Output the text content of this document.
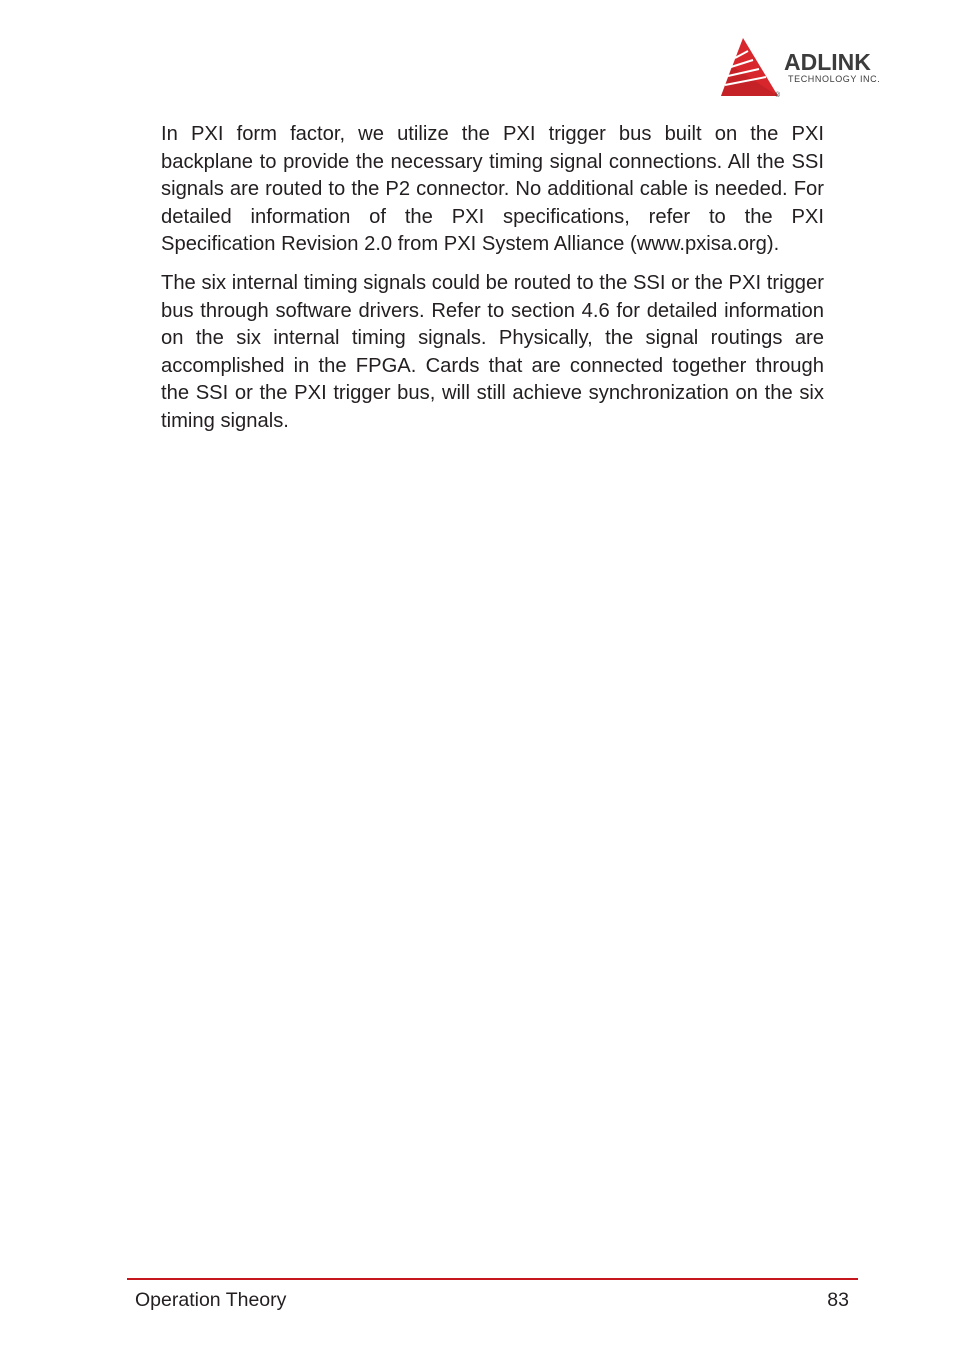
ADLINK
TECHNOLOGY INC.
®

In PXI form factor, we utilize the PXI trigger bus built on the PXI backplane to provide the necessary timing signal connections. All the SSI signals are routed to the P2 connector. No additional cable is needed. For detailed information of the PXI specifications, refer to the PXI Specification Revision 2.0 from PXI System Alliance (www.pxisa.org).

The six internal timing signals could be routed to the SSI or the PXI trigger bus through software drivers. Refer to section 4.6 for detailed information on the six internal timing signals. Physically, the signal routings are accomplished in the FPGA. Cards that are connected together through the SSI or the PXI trigger bus, will still achieve synchronization on the six timing signals.

Operation Theory	83
